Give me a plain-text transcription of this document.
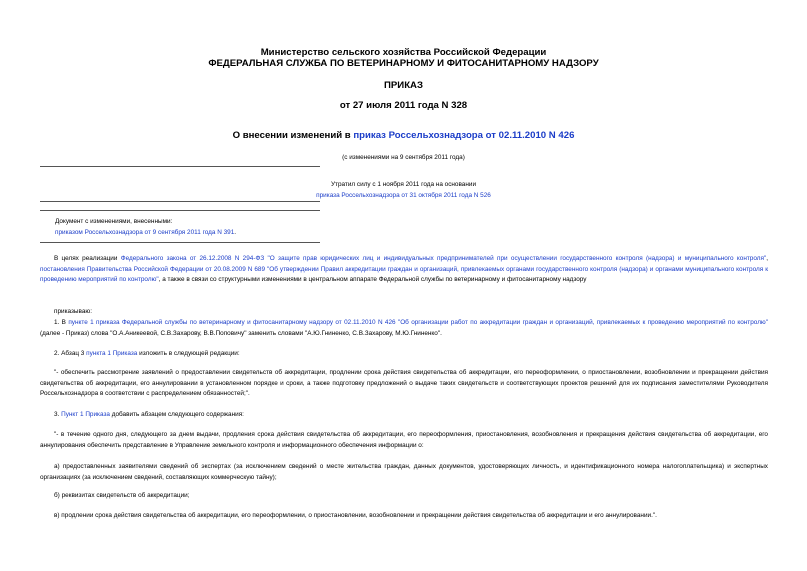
Министерство сельского хозяйства Российской Федерации
ФЕДЕРАЛЬНАЯ СЛУЖБА ПО ВЕТЕРИНАРНОМУ И ФИТОСАНИТАРНОМУ НАДЗОРУ
ПРИКАЗ
от 27 июля 2011 года N 328
О внесении изменений в приказ Россельхознадзора от 02.11.2010 N 426
(с изменениями на 9 сентября 2011 года)
Утратил силу с 1 ноября 2011 года на основании
приказа Россельхознадзора от 31 октября 2011 года N 526
Документ с изменениями, внесенными:
приказом Россельхознадзора от 9 сентября 2011 года N 391.
В целях реализации Федерального закона от 26.12.2008 N 294-ФЗ "О защите прав юридических лиц и индивидуальных предпринимателей при осуществлении государственного контроля (надзора) и муниципального контроля", постановления Правительства Российской Федерации от 20.08.2009 N 689 "Об утверждении Правил аккредитации граждан и организаций, привлекаемых органами государственного контроля (надзора) и органами муниципального контроля к проведению мероприятий по контролю", а также в связи со структурными изменениями в центральном аппарате Федеральной службы по ветеринарному и фитосанитарному надзору
приказываю:
1. В пункте 1 приказа Федеральной службы по ветеринарному и фитосанитарному надзору от 02.11.2010 N 426 "Об организации работ по аккредитации граждан и организаций, привлекаемых к проведению мероприятий по контролю" (далее - Приказ) слова "О.А.Аникеевой, С.В.Захарову, В.В.Поповичу" заменить словами "А.Ю.Гниненко, С.В.Захарову, М.Ю.Гниненко".
2. Абзац 3 пункта 1 Приказа изложить в следующей редакции:
"- обеспечить рассмотрение заявлений о предоставлении свидетельств об аккредитации, продлении срока действия свидетельства об аккредитации, его переоформлении, о приостановлении, возобновлении и прекращении действия свидетельства об аккредитации, его аннулировании в установленном порядке и сроки, а также подготовку предложений о выдаче таких свидетельств и соответствующих проектов решений для их подписания заместителями Руководителя Россельхознадзора в соответствии с распределением обязанностей;".
3. Пункт 1 Приказа добавить абзацем следующего содержания:
"- в течение одного дня, следующего за днем выдачи, продления срока действия свидетельства об аккредитации, его переоформления, приостановления, возобновления и прекращения действия свидетельства об аккредитации, его аннулирования обеспечить представление в Управление земельного контроля и информационного обеспечения информации о:
а) предоставленных заявителями сведений об экспертах (за исключением сведений о месте жительства граждан, данных документов, удостоверяющих личность, и идентификационного номера налогоплательщика) и экспертных организациях (за исключением сведений, составляющих коммерческую тайну);
б) реквизитах свидетельств об аккредитации;
в) продлении срока действия свидетельства об аккредитации, его переоформлении, о приостановлении, возобновлении и прекращении действия свидетельства об аккредитации и его аннулировании.".
